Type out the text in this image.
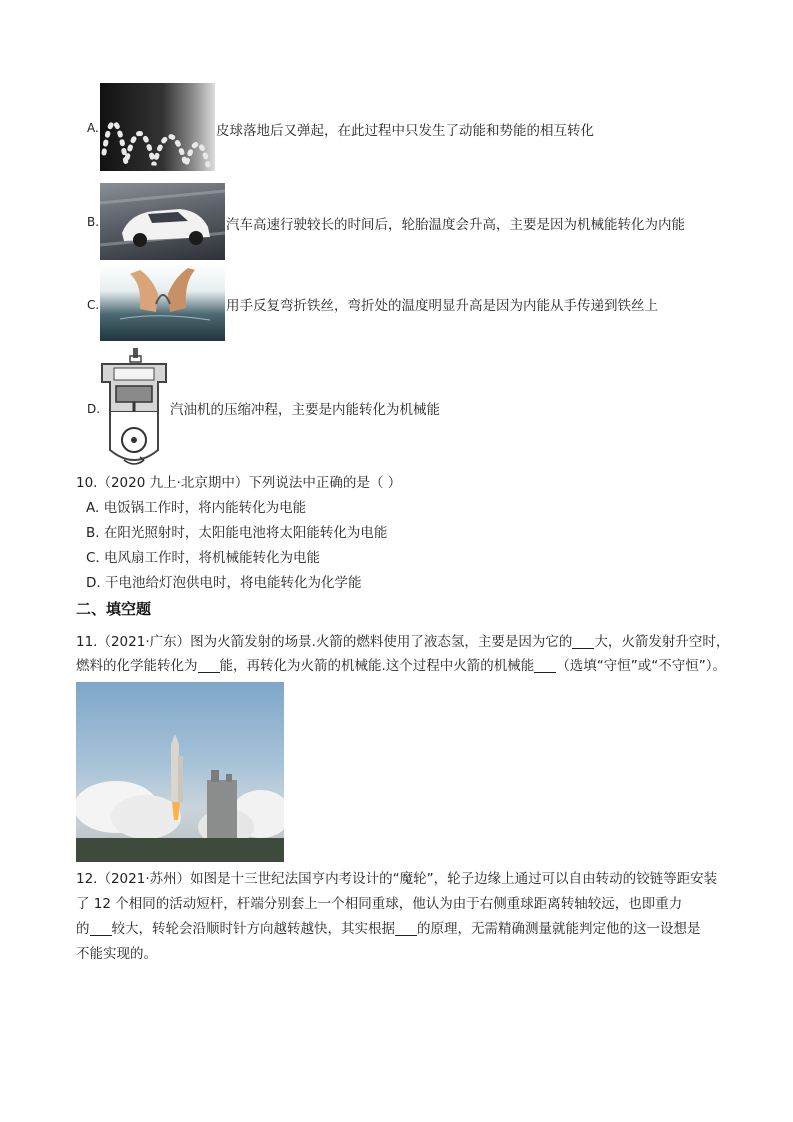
A.	皮球落地后又弹起，在此过程中只发生了动能和势能的相互转化
B.	汽车高速行驶较长的时间后，轮胎温度会升高，主要是因为机械能转化为内能
C.	用手反复弯折铁丝，弯折处的温度明显升高是因为内能从手传递到铁丝上
D.	汽油机的压缩冲程，主要是内能转化为机械能
10.（2020 九上·北京期中）下列说法中正确的是（ ）
A. 电饭锅工作时，将内能转化为电能
B. 在阳光照射时，太阳能电池将太阳能转化为电能
C. 电风扇工作时，将机械能转化为电能
D. 干电池给灯泡供电时，将电能转化为化学能
二、填空题
11.（2021·广东）图为火箭发射的场景.火箭的燃料使用了液态氢，主要是因为它的 大，火箭发射升空时，
燃料的化学能转化为 能，再转化为火箭的机械能.这个过程中火箭的机械能 （选填“守恒”或“不守恒”）。
12.（2021·苏州）如图是十三世纪法国亨内考设计的“魔轮”，轮子边缘上通过可以自由转动的铰链等距安装
了 12 个相同的活动短杆，杆端分别套上一个相同重球，他认为由于右侧重球距离转轴较远，也即重力
的 较大，转轮会沿顺时针方向越转越快，其实根据 的原理，无需精确测量就能判定他的这一设想是
不能实现的。
